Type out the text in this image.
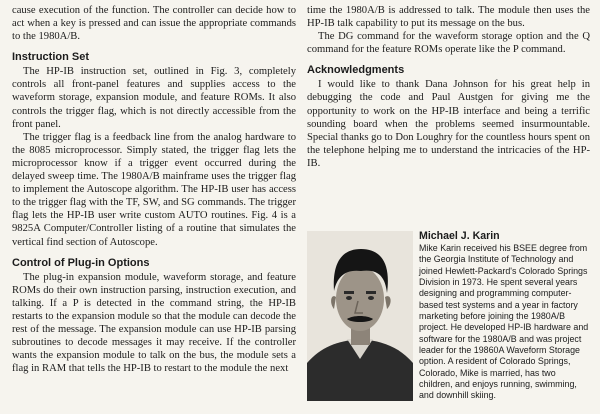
cause execution of the function. The controller can decide how to act when a key is pressed and can issue the appropriate commands to the 1980A/B.

Instruction Set

The HP-IB instruction set, outlined in Fig. 3, completely controls all front-panel features and supplies access to the waveform storage, expansion module, and feature ROMs. It also controls the trigger flag, which is not directly accessible from the front panel.

The trigger flag is a feedback line from the analog hardware to the 8085 microprocessor. Simply stated, the trigger flag lets the microprocessor know if a trigger event occurred during the delayed sweep time. The 1980A/B mainframe uses the trigger flag to implement the Autoscope algorithm. The HP-IB user has access to the trigger flag with the TF, SW, and SG commands. The trigger flag lets the HP-IB user write custom AUTO routines. Fig. 4 is a 9825A Computer/Controller listing of a routine that simulates the vertical find section of Autoscope.

Control of Plug-in Options

The plug-in expansion module, waveform storage, and feature ROMs do their own instruction parsing, instruction execution, and talking. If a P is detected in the command string, the HP-IB restarts to the expansion module so that the module can decode the rest of the message. The expansion module can use HP-IB parsing subroutines to decode messages it may receive. If the controller wants the expansion module to talk on the bus, the module sets a flag in RAM that tells the HP-IB to restart to the module the next

time the 1980A/B is addressed to talk. The module then uses the HP-IB talk capability to put its message on the bus.

The DG command for the waveform storage option and the Q command for the feature ROMs operate like the P command.

Acknowledgments

I would like to thank Dana Johnson for his great help in debugging the code and Paul Austgen for giving me the opportunity to work on the HP-IB interface and being a terrific sounding board when the problems seemed insurmountable. Special thanks go to Don Loughry for the countless hours spent on the telephone helping me to understand the intricacies of the HP-IB.

Michael J. Karin

Mike Karin received his BSEE degree from the Georgia Institute of Technology and joined Hewlett-Packard's Colorado Springs Division in 1973. He spent several years designing and programming computer-based test systems and a year in factory marketing before joining the 1980A/B project. He developed HP-IB hardware and software for the 1980A/B and was project leader for the 19860A Waveform Storage option. A resident of Colorado Springs, Colorado, Mike is married, has two children, and enjoys running, swimming, and downhill skiing.
